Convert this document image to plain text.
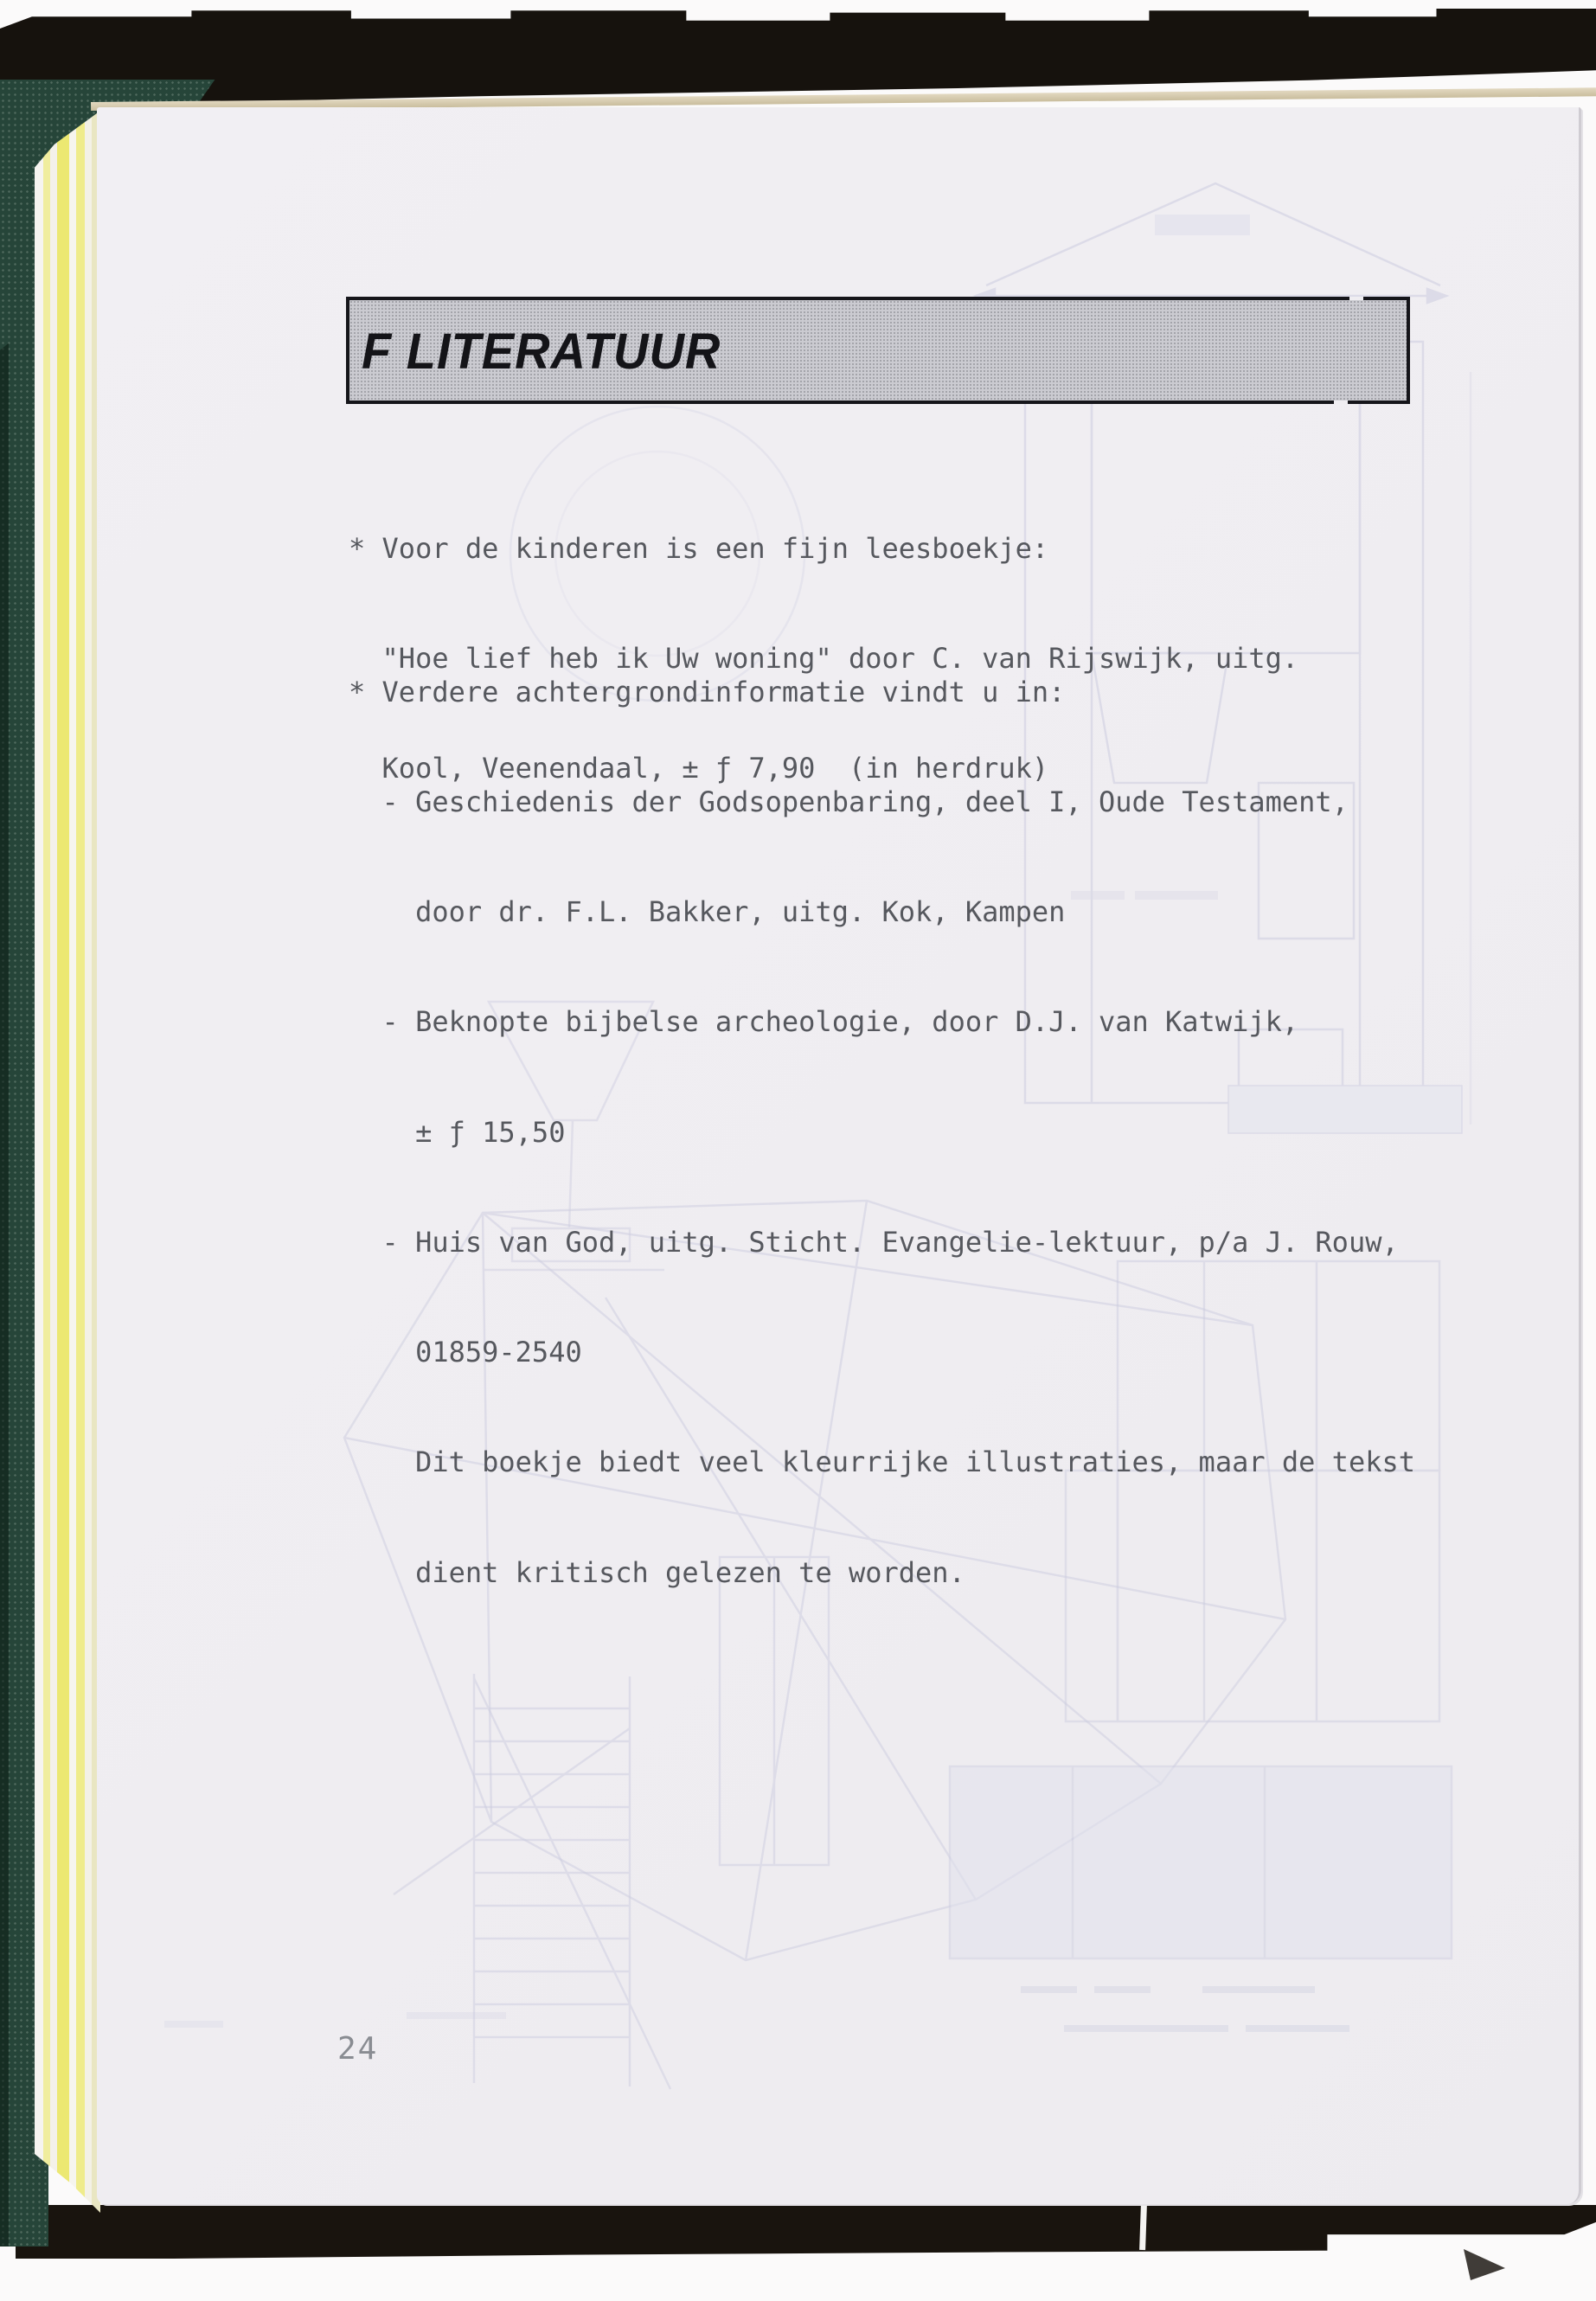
F LITERATUUR

* Voor de kinderen is een fijn leesboekje:

"Hoe lief heb ik Uw woning" door C. van Rijswijk, uitg.

Kool, Veenendaal, ± ƒ 7,90  (in herdruk)

* Verdere achtergrondinformatie vindt u in:

- Geschiedenis der Godsopenbaring, deel I, Oude Testament,

door dr. F.L. Bakker, uitg. Kok, Kampen

- Beknopte bijbelse archeologie, door D.J. van Katwijk,

± ƒ 15,50

- Huis van God, uitg. Sticht. Evangelie-lektuur, p/a J. Rouw,

01859-2540

Dit boekje biedt veel kleurrijke illustraties, maar de tekst

dient kritisch gelezen te worden.

24
